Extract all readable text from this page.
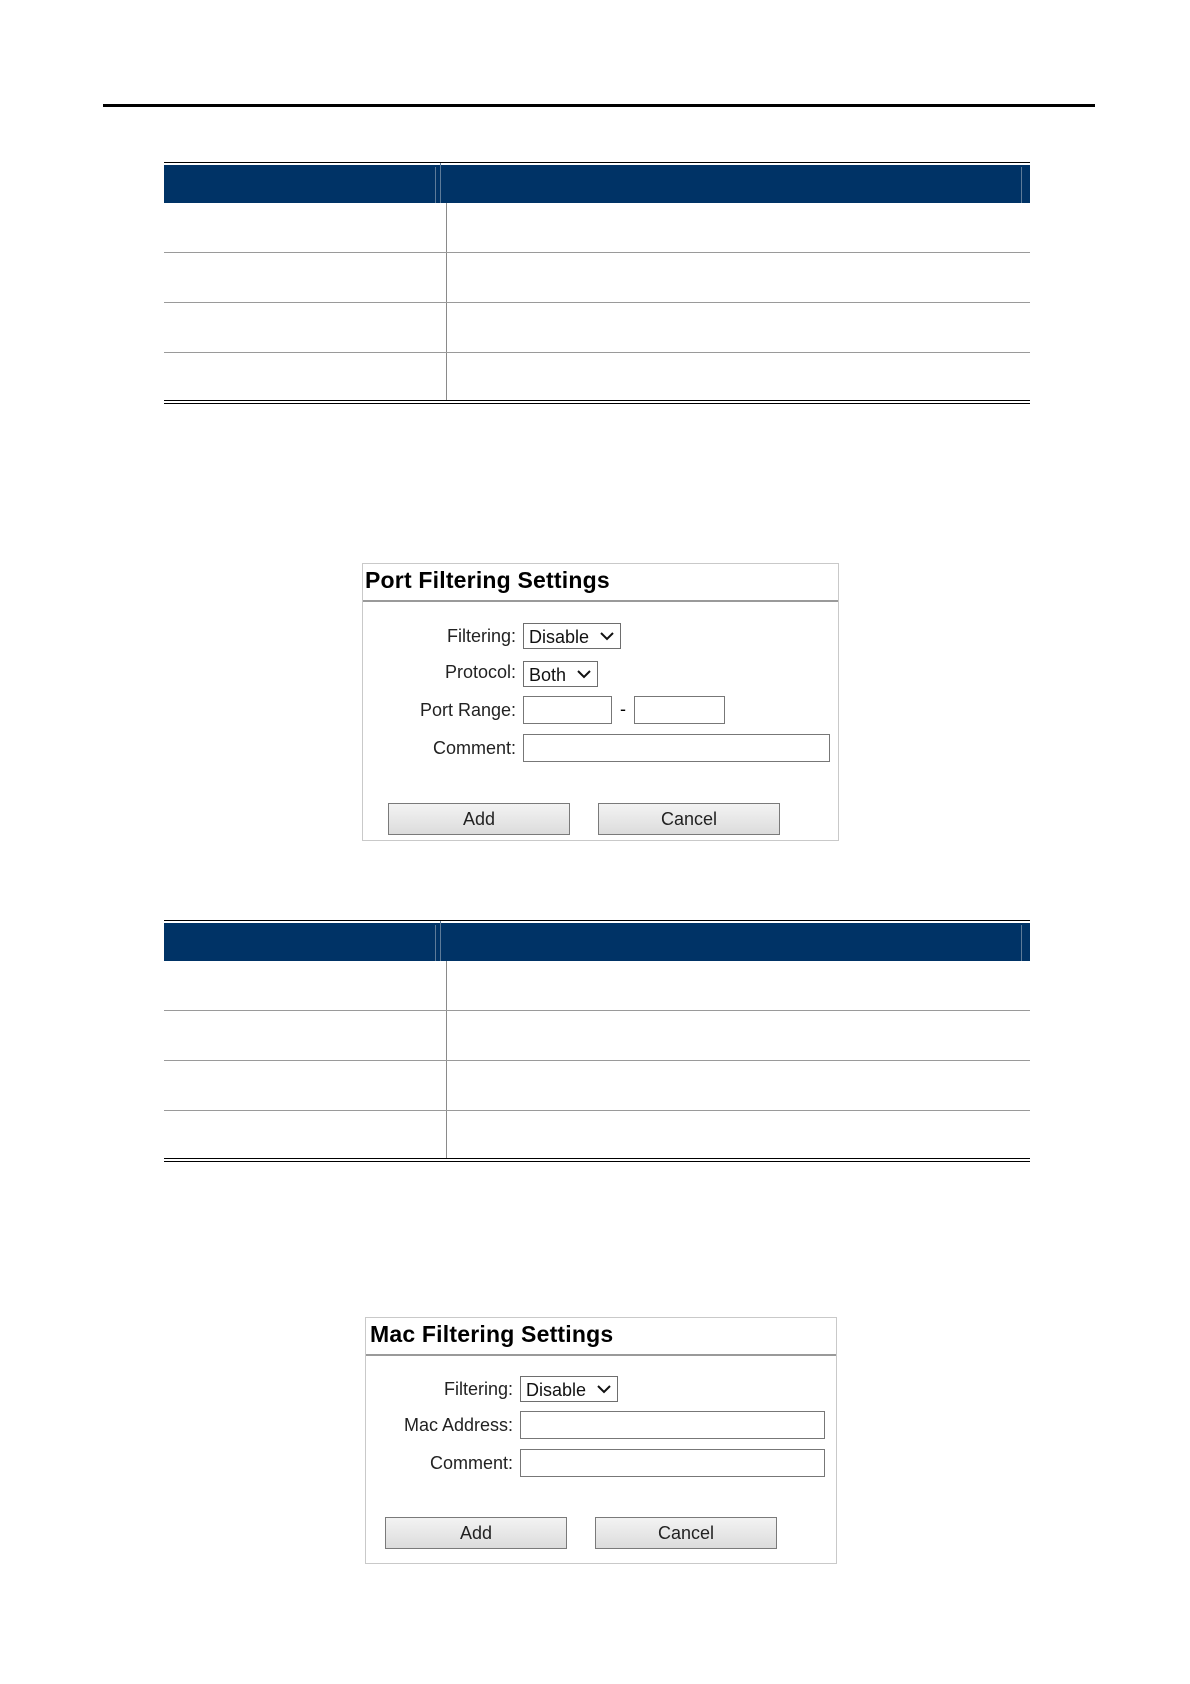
Port Filtering Settings
Filtering: Disable
Protocol: Both
Port Range:	-
Comment:
Add	Cancel
Mac Filtering Settings
Filtering: Disable
Mac Address:
Comment:
Add	Cancel
